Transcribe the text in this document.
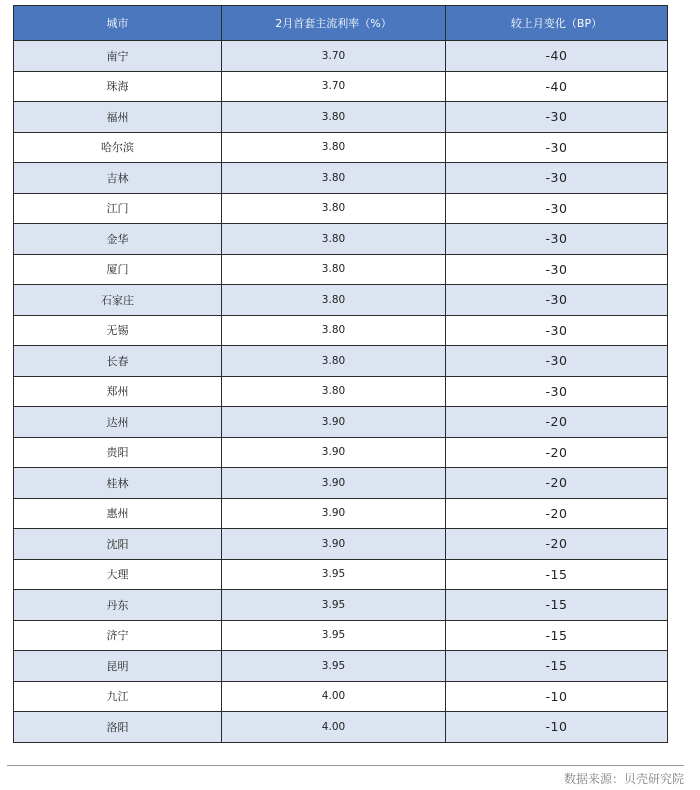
城市	2月首套主流利率（%）	较上月变化（BP）
南宁	3.70	-40
珠海	3.70	-40
福州	3.80	-30
哈尔滨	3.80	-30
吉林	3.80	-30
江门	3.80	-30
金华	3.80	-30
厦门	3.80	-30
石家庄	3.80	-30
无锡	3.80	-30
长春	3.80	-30
郑州	3.80	-30
达州	3.90	-20
贵阳	3.90	-20
桂林	3.90	-20
惠州	3.90	-20
沈阳	3.90	-20
大理	3.95	-15
丹东	3.95	-15
济宁	3.95	-15
昆明	3.95	-15
九江	4.00	-10
洛阳	4.00	-10
数据来源：贝壳研究院
